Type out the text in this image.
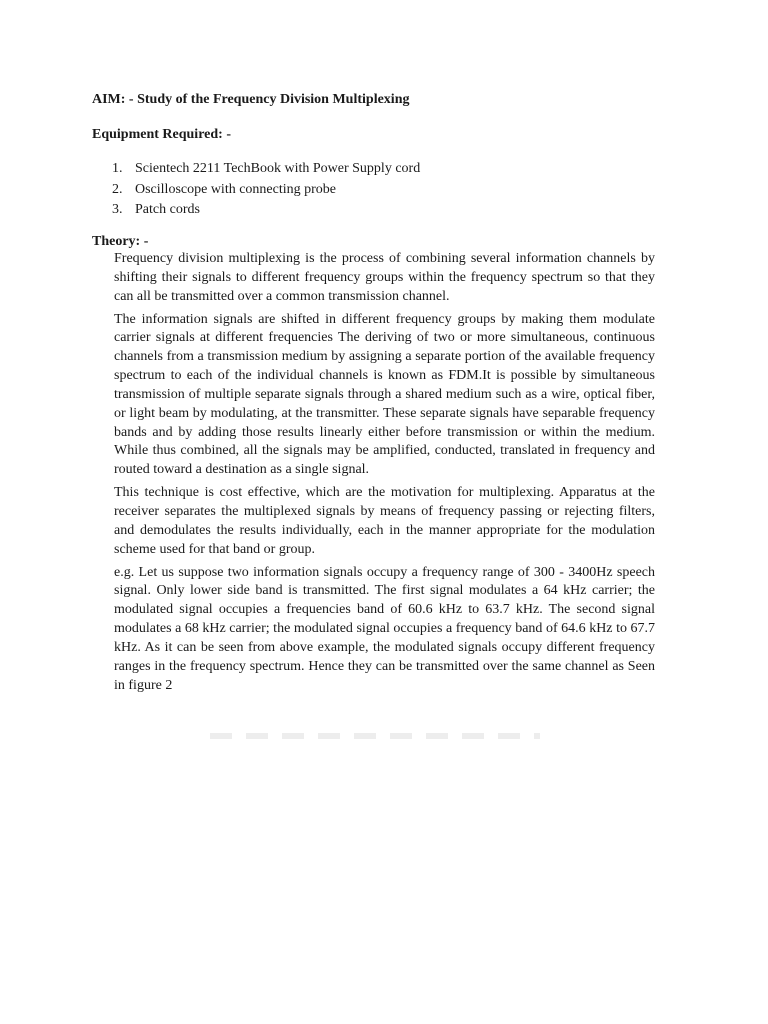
AIM: - Study of the Frequency Division Multiplexing
Equipment Required: -
1. Scientech 2211 TechBook with Power Supply cord
2. Oscilloscope with connecting probe
3. Patch cords
Theory: -

Frequency division multiplexing is the process of combining several information channels by shifting their signals to different frequency groups within the frequency spectrum so that they can all be transmitted over a common transmission channel.

The information signals are shifted in different frequency groups by making them modulate carrier signals at different frequencies The deriving of two or more simultaneous, continuous channels from a transmission medium by assigning a separate portion of the available frequency spectrum to each of the individual channels is known as FDM.It is possible by simultaneous transmission of multiple separate signals through a shared medium such as a wire, optical fiber, or light beam by modulating, at the transmitter. These separate signals have separable frequency bands and by adding those results linearly either before transmission or within the medium. While thus combined, all the signals may be amplified, conducted, translated in frequency and routed toward a destination as a single signal.

This technique is cost effective, which are the motivation for multiplexing. Apparatus at the receiver separates the multiplexed signals by means of frequency passing or rejecting filters, and demodulates the results individually, each in the manner appropriate for the modulation scheme used for that band or group.

e.g. Let us suppose two information signals occupy a frequency range of 300 - 3400Hz speech signal. Only lower side band is transmitted. The first signal modulates a 64 kHz carrier; the modulated signal occupies a frequencies band of 60.6 kHz to 63.7 kHz. The second signal modulates a 68 kHz carrier; the modulated signal occupies a frequency band of 64.6 kHz to 67.7 kHz. As it can be seen from above example, the modulated signals occupy different frequency ranges in the frequency spectrum. Hence they can be transmitted over the same channel as Seen in figure 2
